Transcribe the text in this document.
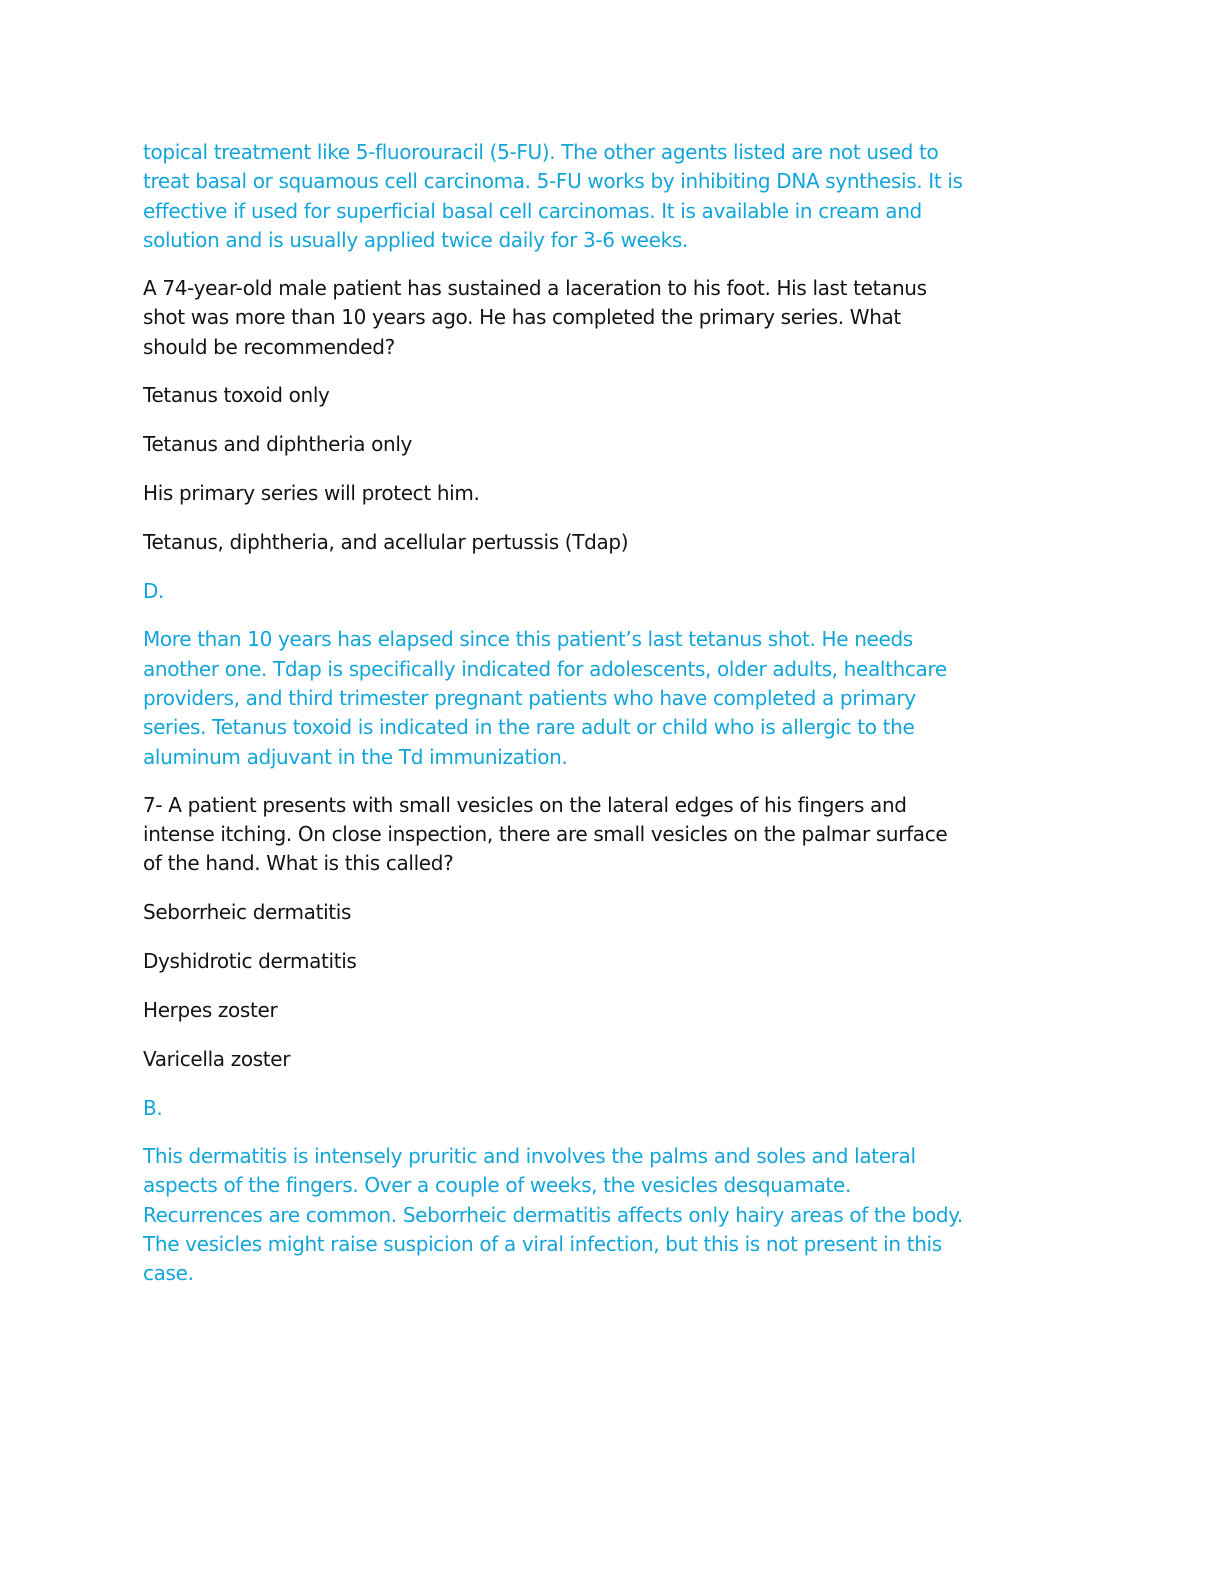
topical treatment like 5-fluorouracil (5-FU). The other agents listed are not used to
treat basal or squamous cell carcinoma. 5-FU works by inhibiting DNA synthesis. It is
effective if used for superficial basal cell carcinomas. It is available in cream and
solution and is usually applied twice daily for 3-6 weeks.

A 74-year-old male patient has sustained a laceration to his foot. His last tetanus
shot was more than 10 years ago. He has completed the primary series. What
should be recommended?

Tetanus toxoid only

Tetanus and diphtheria only

His primary series will protect him.

Tetanus, diphtheria, and acellular pertussis (Tdap)

D.

More than 10 years has elapsed since this patient’s last tetanus shot. He needs
another one. Tdap is specifically indicated for adolescents, older adults, healthcare
providers, and third trimester pregnant patients who have completed a primary
series. Tetanus toxoid is indicated in the rare adult or child who is allergic to the
aluminum adjuvant in the Td immunization.

7- A patient presents with small vesicles on the lateral edges of his fingers and
intense itching. On close inspection, there are small vesicles on the palmar surface
of the hand. What is this called?

Seborrheic dermatitis

Dyshidrotic dermatitis

Herpes zoster

Varicella zoster

B.

This dermatitis is intensely pruritic and involves the palms and soles and lateral
aspects of the fingers. Over a couple of weeks, the vesicles desquamate.
Recurrences are common. Seborrheic dermatitis affects only hairy areas of the body.
The vesicles might raise suspicion of a viral infection, but this is not present in this
case.
